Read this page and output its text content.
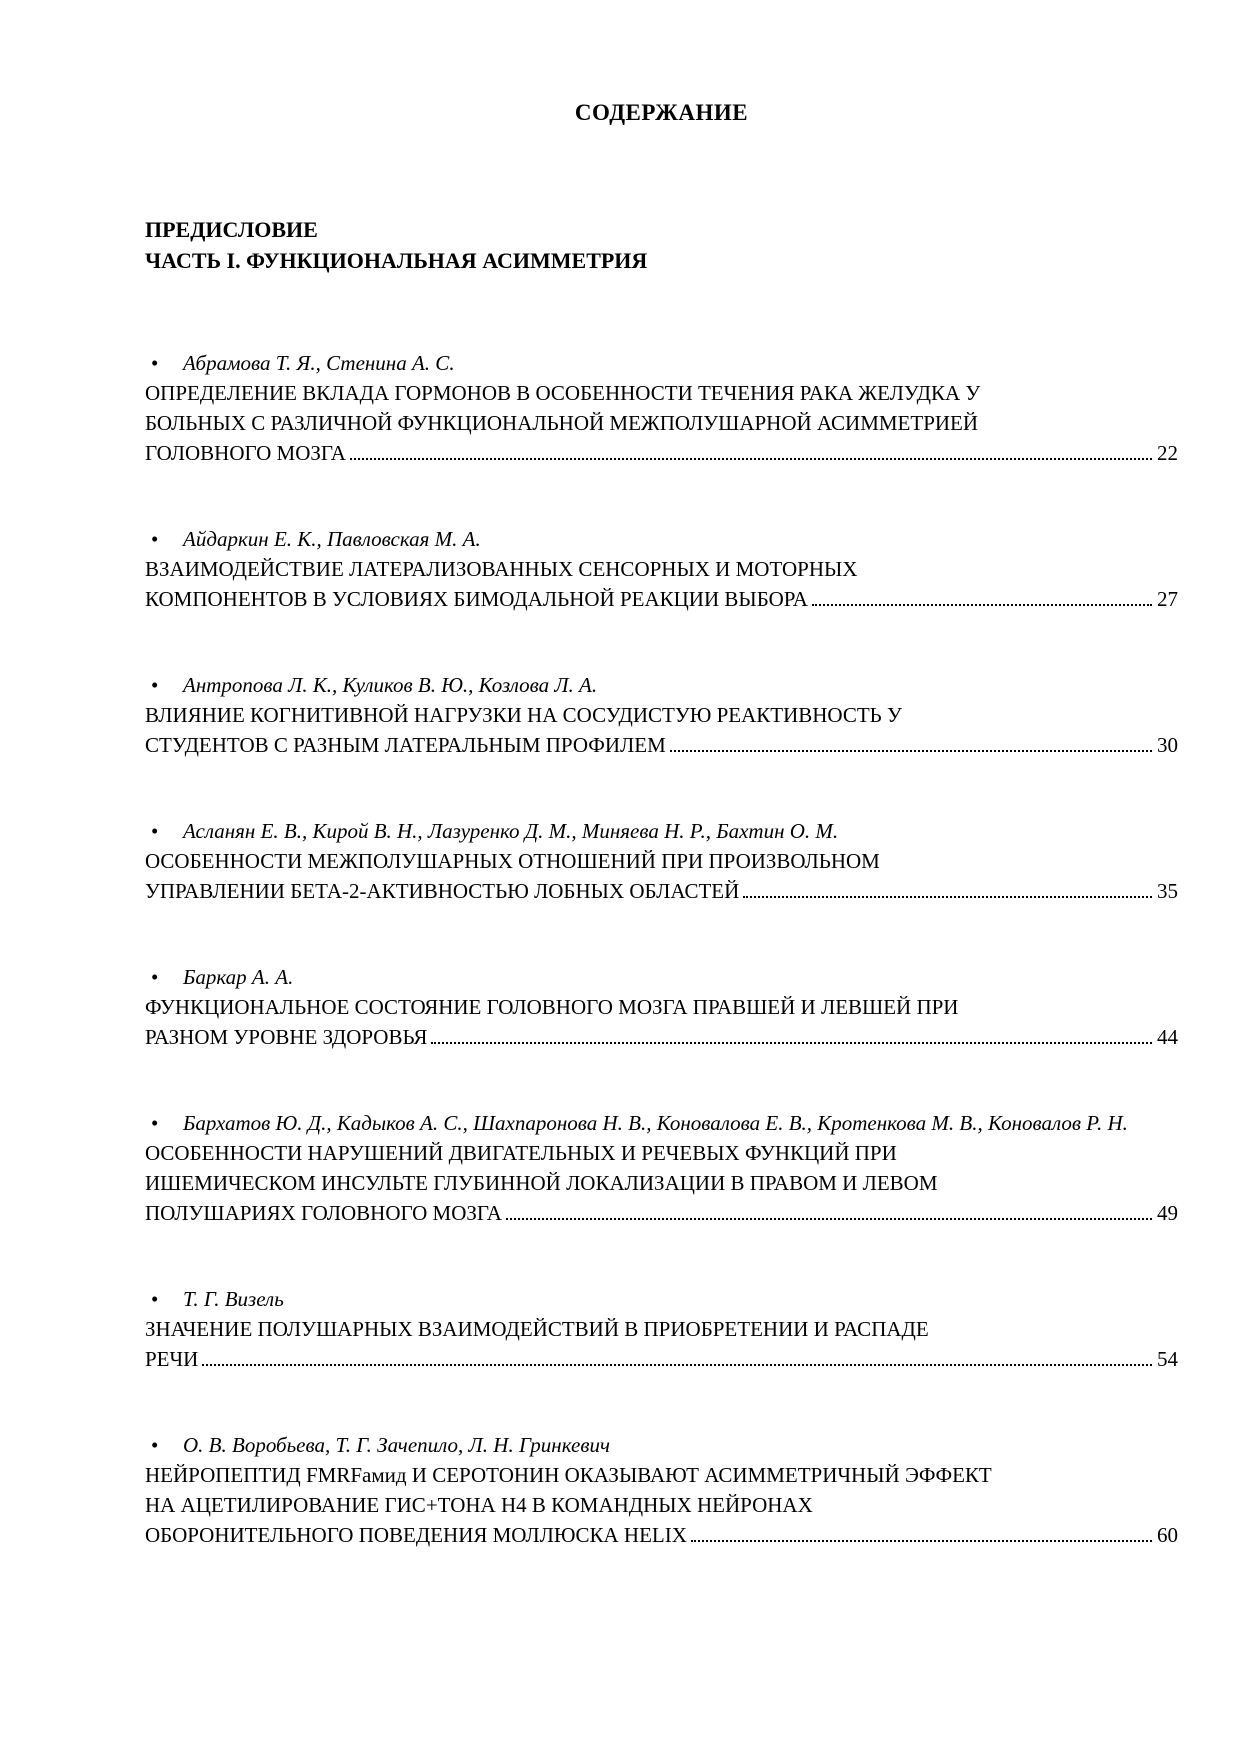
СОДЕРЖАНИЕ
ПРЕДИСЛОВИЕ
ЧАСТЬ I. ФУНКЦИОНАЛЬНАЯ АСИММЕТРИЯ

• Абрамова Т. Я., Стенина А. С.

ОПРЕДЕЛЕНИЕ ВКЛАДА ГОРМОНОВ В ОСОБЕННОСТИ ТЕЧЕНИЯ РАКА ЖЕЛУДКА У
БОЛЬНЫХ С РАЗЛИЧНОЙ ФУНКЦИОНАЛЬНОЙ МЕЖПОЛУШАРНОЙ АСИММЕТРИЕЙ
ГОЛОВНОГО МОЗГА	22

• Айдаркин Е. К., Павловская М. А.

ВЗАИМОДЕЙСТВИЕ ЛАТЕРАЛИЗОВАННЫХ СЕНСОРНЫХ И МОТОРНЫХ
КОМПОНЕНТОВ В УСЛОВИЯХ БИМОДАЛЬНОЙ РЕАКЦИИ ВЫБОРА	27

• Антропова Л. К., Куликов В. Ю., Козлова Л. А.

ВЛИЯНИЕ КОГНИТИВНОЙ НАГРУЗКИ НА СОСУДИСТУЮ РЕАКТИВНОСТЬ У
СТУДЕНТОВ С РАЗНЫМ ЛАТЕРАЛЬНЫМ ПРОФИЛЕМ	30

• Асланян Е. В., Кирой В. Н., Лазуренко Д. М., Миняева Н. Р., Бахтин О. М.

ОСОБЕННОСТИ МЕЖПОЛУШАРНЫХ ОТНОШЕНИЙ ПРИ ПРОИЗВОЛЬНОМ
УПРАВЛЕНИИ БЕТА-2-АКТИВНОСТЬЮ ЛОБНЫХ ОБЛАСТЕЙ	35

• Баркар А. А.

ФУНКЦИОНАЛЬНОЕ СОСТОЯНИЕ ГОЛОВНОГО МОЗГА ПРАВШЕЙ И ЛЕВШЕЙ ПРИ
РАЗНОМ УРОВНЕ ЗДОРОВЬЯ	44

• Бархатов Ю. Д., Кадыков А. С., Шахпаронова Н. В., Коновалова Е. В., Кротенкова М. В., Коновалов Р. Н.

ОСОБЕННОСТИ НАРУШЕНИЙ ДВИГАТЕЛЬНЫХ И РЕЧЕВЫХ ФУНКЦИЙ ПРИ
ИШЕМИЧЕСКОМ ИНСУЛЬТЕ ГЛУБИННОЙ ЛОКАЛИЗАЦИИ В ПРАВОМ И ЛЕВОМ
ПОЛУШАРИЯХ ГОЛОВНОГО МОЗГА	49

• Т. Г. Визель

ЗНАЧЕНИЕ ПОЛУШАРНЫХ ВЗАИМОДЕЙСТВИЙ В ПРИОБРЕТЕНИИ И РАСПАДЕ
РЕЧИ	54

• О. В. Воробьева, Т. Г. Зачепило, Л. Н. Гринкевич

НЕЙРОПЕПТИД FMRFамид И СЕРОТОНИН ОКАЗЫВАЮТ АСИММЕТРИЧНЫЙ ЭФФЕКТ
НА АЦЕТИЛИРОВАНИЕ ГИС+ТОНА Н4 В КОМАНДНЫХ НЕЙРОНАХ
ОБОРОНИТЕЛЬНОГО ПОВЕДЕНИЯ МОЛЛЮСКА HELIX	60
